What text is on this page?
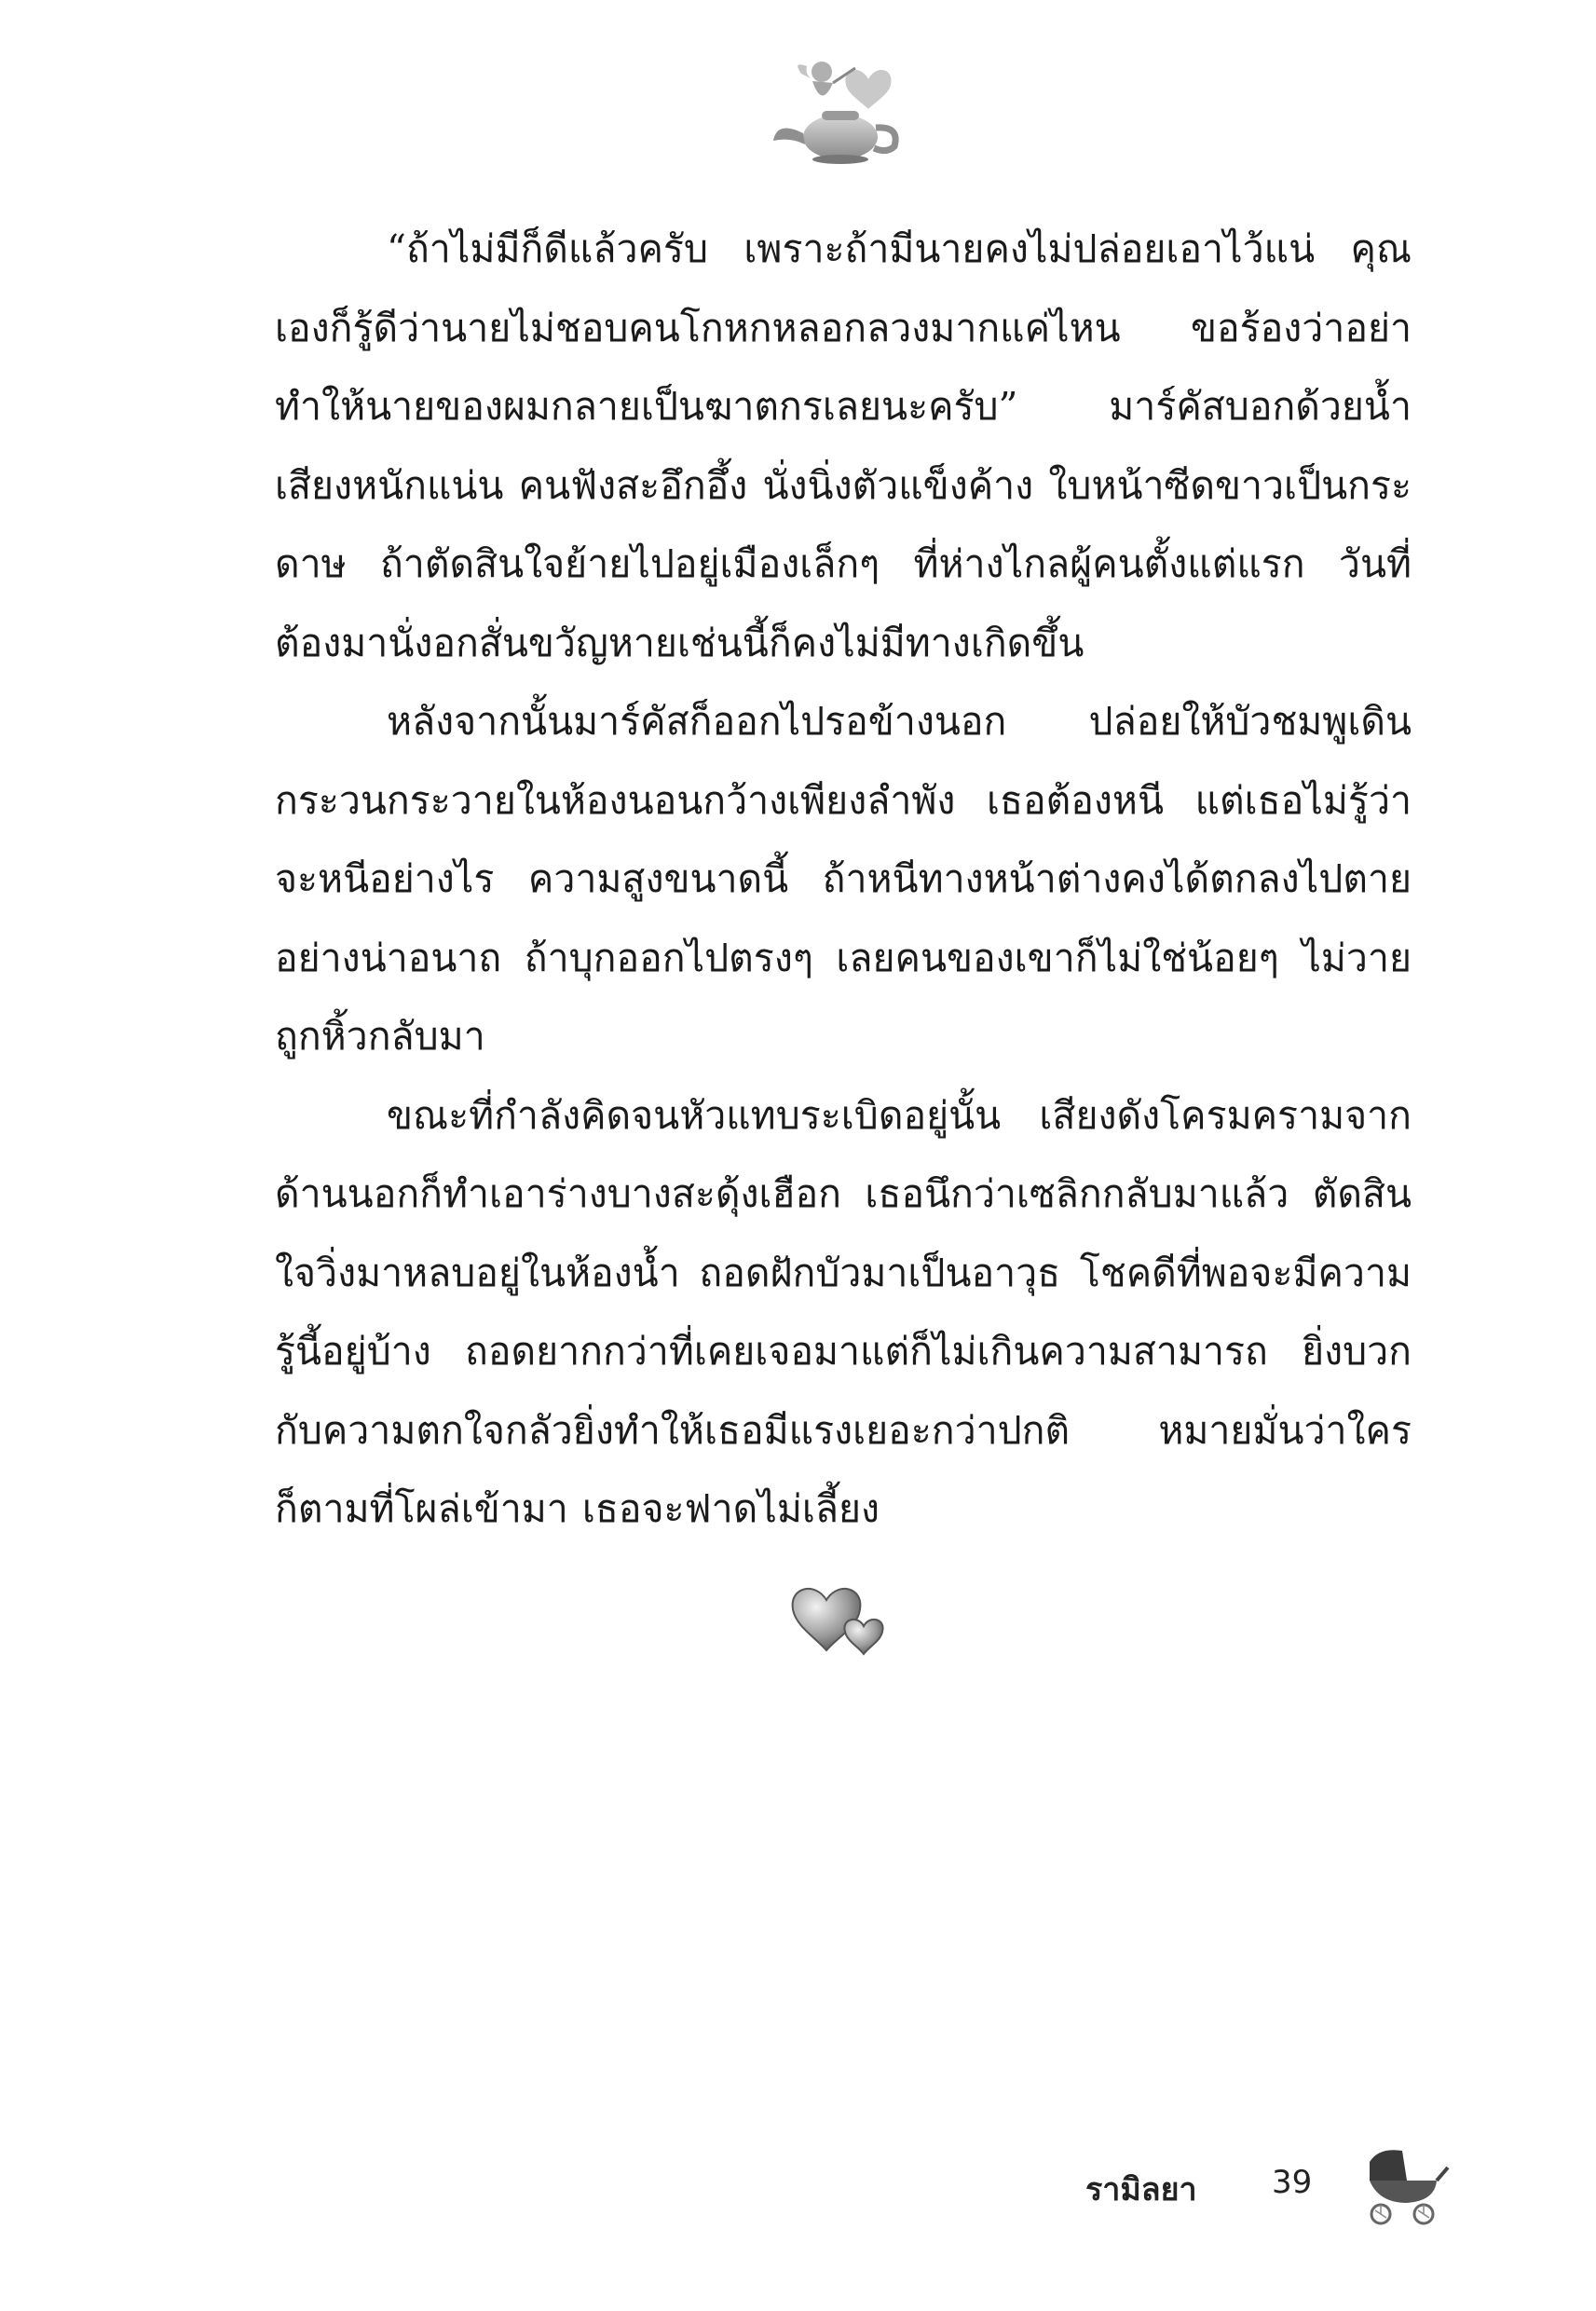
“ถ้าไม่มีก็ดีแล้วครับ เพราะถ้ามีนายคงไม่ปล่อยเอาไว้แน่ คุณเองก็รู้ดีว่านายไม่ชอบคนโกหกหลอกลวงมากแค่ไหน ขอร้องว่าอย่าทำให้นายของผมกลายเป็นฆาตกรเลยนะครับ” มาร์คัสบอกด้วยน้ำเสียงหนักแน่น คนฟังสะอึกอึ้ง นั่งนิ่งตัวแข็งค้าง ใบหน้าซีดขาวเป็นกระดาษ ถ้าตัดสินใจย้ายไปอยู่เมืองเล็กๆ ที่ห่างไกลผู้คนตั้งแต่แรก วันที่ต้องมานั่งอกสั่นขวัญหายเช่นนี้ก็คงไม่มีทางเกิดขึ้น

หลังจากนั้นมาร์คัสก็ออกไปรอข้างนอก ปล่อยให้บัวชมพูเดินกระวนกระวายในห้องนอนกว้างเพียงลำพัง เธอต้องหนี แต่เธอไม่รู้ว่าจะหนีอย่างไร ความสูงขนาดนี้ ถ้าหนีทางหน้าต่างคงได้ตกลงไปตายอย่างน่าอนาถ ถ้าบุกออกไปตรงๆ เลยคนของเขาก็ไม่ใช่น้อยๆ ไม่วายถูกหิ้วกลับมา

ขณะที่กำลังคิดจนหัวแทบระเบิดอยู่นั้น เสียงดังโครมครามจากด้านนอกก็ทำเอาร่างบางสะดุ้งเฮือก เธอนึกว่าเซลิกกลับมาแล้ว ตัดสินใจวิ่งมาหลบอยู่ในห้องน้ำ ถอดฝักบัวมาเป็นอาวุธ โชคดีที่พอจะมีความรู้นี้อยู่บ้าง ถอดยากกว่าที่เคยเจอมาแต่ก็ไม่เกินความสามารถ ยิ่งบวกกับความตกใจกลัวยิ่งทำให้เธอมีแรงเยอะกว่าปกติ หมายมั่นว่าใครก็ตามที่โผล่เข้ามา เธอจะฟาดไม่เลี้ยง

รามิลยา 39
